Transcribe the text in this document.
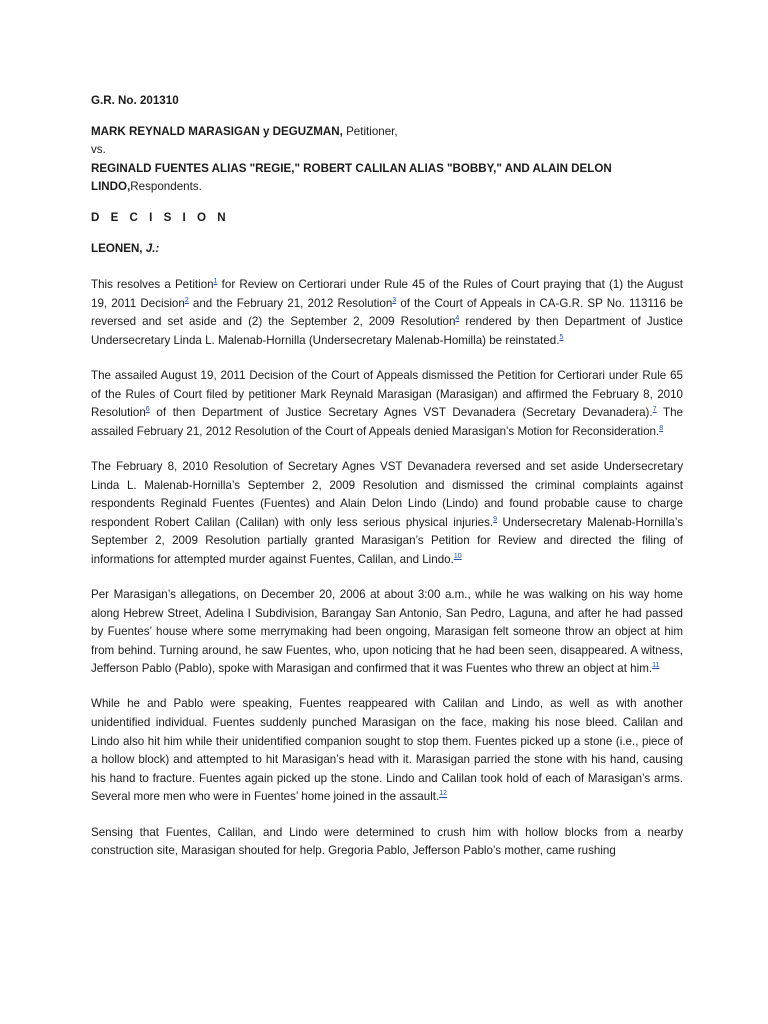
G.R. No. 201310
MARK REYNALD MARASIGAN y DEGUZMAN, Petitioner,
vs.
REGINALD FUENTES ALIAS "REGIE," ROBERT CALILAN ALIAS "BOBBY," AND ALAIN DELON LINDO,Respondents.
D E C I S I O N
LEONEN, J.:

This resolves a Petition$^1$ for Review on Certiorari under Rule 45 of the Rules of Court praying that (1) the August 19, 2011 Decision$^2$ and the February 21, 2012 Resolution$^3$ of the Court of Appeals in CA-G.R. SP No. 113116 be reversed and set aside and (2) the September 2, 2009 Resolution$^4$ rendered by then Department of Justice Undersecretary Linda L. Malenab-Hornilla (Undersecretary Malenab-Homilla) be reinstated.$^5$

The assailed August 19, 2011 Decision of the Court of Appeals dismissed the Petition for Certiorari under Rule 65 of the Rules of Court filed by petitioner Mark Reynald Marasigan (Marasigan) and affirmed the February 8, 2010 Resolution$^6$ of then Department of Justice Secretary Agnes VST Devanadera (Secretary Devanadera).$^7$ The assailed February 21, 2012 Resolution of the Court of Appeals denied Marasigan’s Motion for Reconsideration.$^8$

The February 8, 2010 Resolution of Secretary Agnes VST Devanadera reversed and set aside Undersecretary Linda L. Malenab-Hornilla’s September 2, 2009 Resolution and dismissed the criminal complaints against respondents Reginald Fuentes (Fuentes) and Alain Delon Lindo (Lindo) and found probable cause to charge respondent Robert Calilan (Calilan) with only less serious physical injuries.$^9$ Undersecretary Malenab-Hornilla’s September 2, 2009 Resolution partially granted Marasigan’s Petition for Review and directed the filing of informations for attempted murder against Fuentes, Calilan, and Lindo.$^{10}$

Per Marasigan’s allegations, on December 20, 2006 at about 3:00 a.m., while he was walking on his way home along Hebrew Street, Adelina I Subdivision, Barangay San Antonio, San Pedro, Laguna, and after he had passed by Fuentes’ house where some merrymaking had been ongoing, Marasigan felt someone throw an object at him from behind. Turning around, he saw Fuentes, who, upon noticing that he had been seen, disappeared. A witness, Jefferson Pablo (Pablo), spoke with Marasigan and confirmed that it was Fuentes who threw an object at him.$^{11}$

While he and Pablo were speaking, Fuentes reappeared with Calilan and Lindo, as well as with another unidentified individual. Fuentes suddenly punched Marasigan on the face, making his nose bleed. Calilan and Lindo also hit him while their unidentified companion sought to stop them. Fuentes picked up a stone (i.e., piece of a hollow block) and attempted to hit Marasigan’s head with it. Marasigan parried the stone with his hand, causing his hand to fracture. Fuentes again picked up the stone. Lindo and Calilan took hold of each of Marasigan’s arms. Several more men who were in Fuentes’ home joined in the assault.$^{12}$

Sensing that Fuentes, Calilan, and Lindo were determined to crush him with hollow blocks from a nearby construction site, Marasigan shouted for help. Gregoria Pablo, Jefferson Pablo’s mother, came rushing
